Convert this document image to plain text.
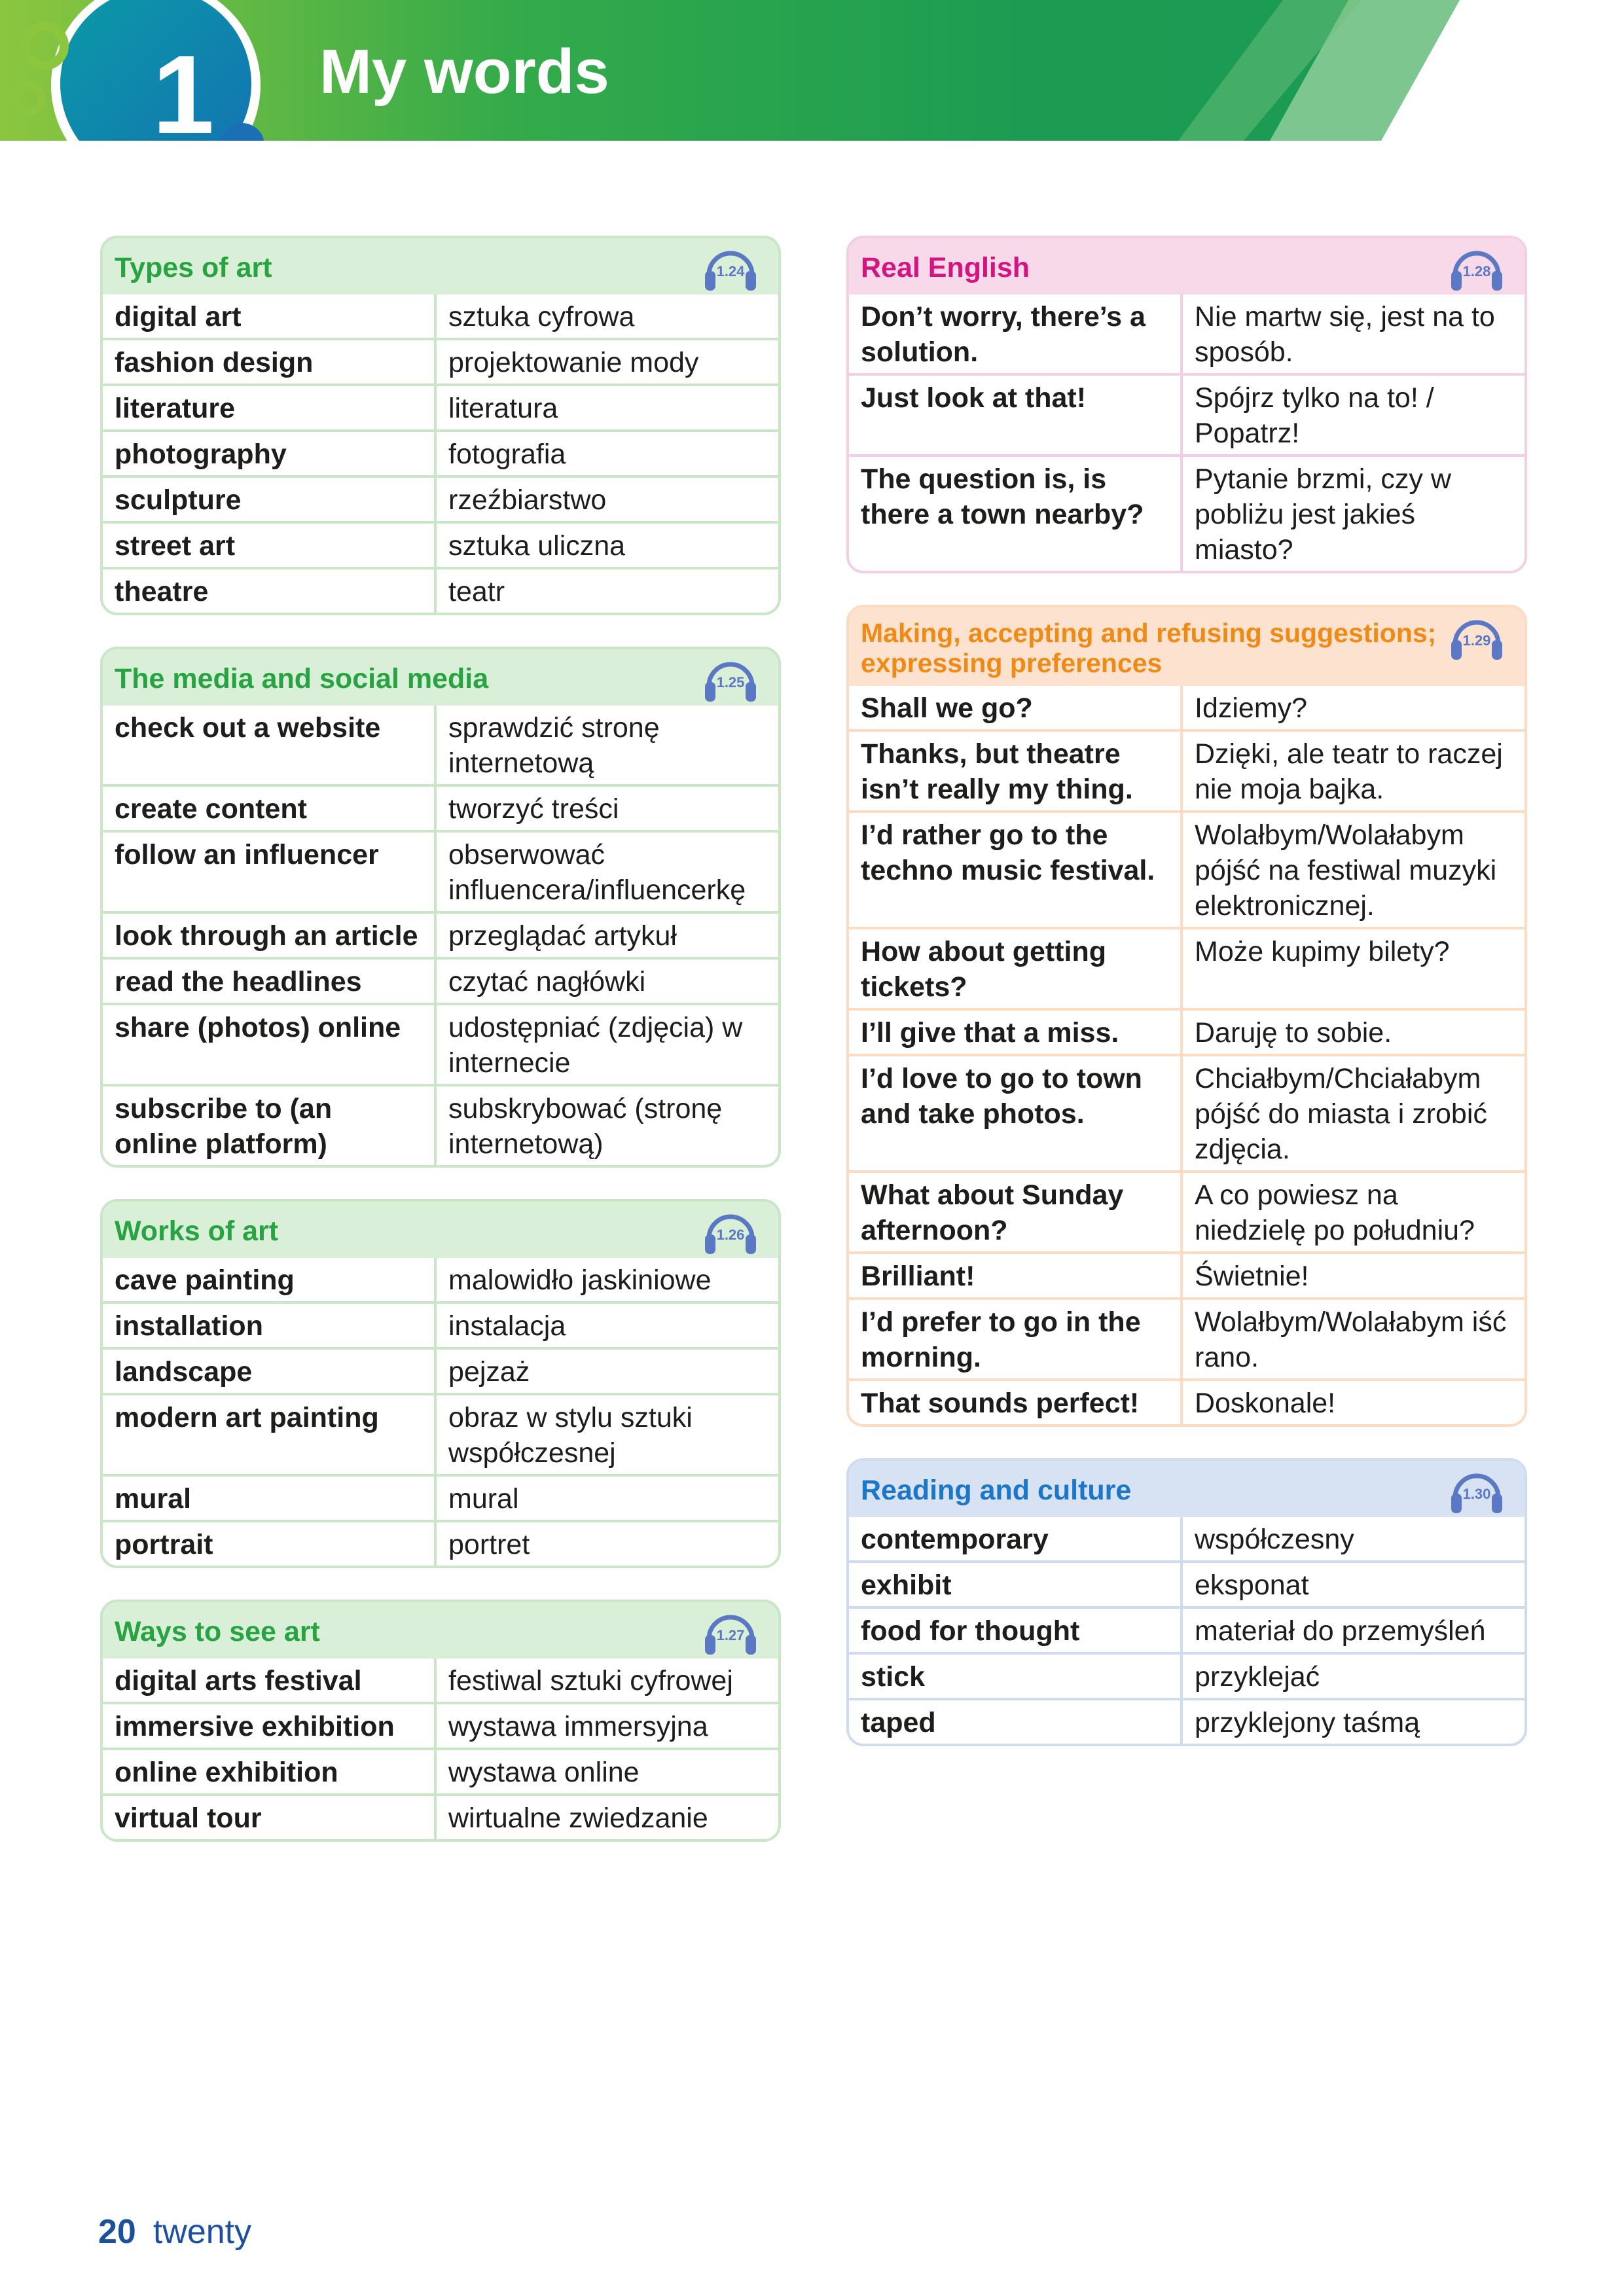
1	My words
Types of art	1.24
digital art	sztuka cyfrowa
fashion design	projektowanie mody
literature	literatura
photography	fotografia
sculpture	rzeźbiarstwo
street art	sztuka uliczna
theatre	teatr
The media and social media	1.25
check out a website	sprawdzić stronę internetową
create content	tworzyć treści
follow an influencer	obserwować influencera/influencerkę
look through an article	przeglądać artykuł
read the headlines	czytać nagłówki
share (photos) online	udostępniać (zdjęcia) w internecie
subscribe to (an online platform)	subskrybować (stronę internetową)
Works of art	1.26
cave painting	malowidło jaskiniowe
installation	instalacja
landscape	pejzaż
modern art painting	obraz w stylu sztuki współczesnej
mural	mural
portrait	portret
Ways to see art	1.27
digital arts festival	festiwal sztuki cyfrowej
immersive exhibition	wystawa immersyjna
online exhibition	wystawa online
virtual tour	wirtualne zwiedzanie
Real English	1.28
Don’t worry, there’s a solution.	Nie martw się, jest na to sposób.
Just look at that!	Spójrz tylko na to! / Popatrz!
The question is, is there a town nearby?	Pytanie brzmi, czy w pobliżu jest jakieś miasto?
Making, accepting and refusing suggestions; expressing preferences
1.29
Shall we go?	Idziemy?
Thanks, but theatre isn’t really my thing.	Dzięki, ale teatr to raczej nie moja bajka.
I’d rather go to the techno music festival.	Wolałbym/Wolałabym pójść na festiwal muzyki elektronicznej.
How about getting tickets?	Może kupimy bilety?
I’ll give that a miss.	Daruję to sobie.
I’d love to go to town and take photos.	Chciałbym/Chciałabym pójść do miasta i zrobić zdjęcia.
What about Sunday afternoon?	A co powiesz na niedzielę po południu?
Brilliant!	Świetnie!
I’d prefer to go in the morning.	Wolałbym/Wolałabym iść rano.
That sounds perfect!	Doskonale!
Reading and culture	1.30
contemporary	współczesny
exhibit	eksponat
food for thought	materiał do przemyśleń
stick	przyklejać
taped	przyklejony taśmą
20 twenty
